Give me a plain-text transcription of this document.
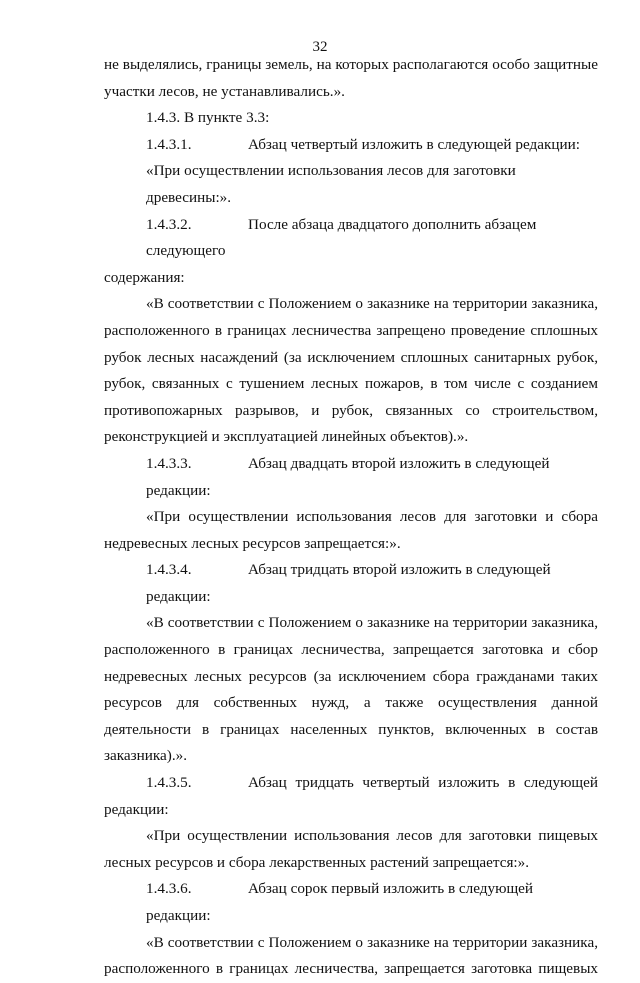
32

не выделялись, границы земель, на которых располагаются особо защитные

участки лесов, не устанавливались.».

1.4.3. В пункте 3.3:

1.4.3.1.	Абзац четвертый изложить в следующей редакции:

«При осуществлении использования лесов для заготовки древесины:».

1.4.3.2.	После абзаца двадцатого дополнить абзацем следующего

содержания:

«В соответствии с Положением о заказнике на территории заказника,

расположенного в границах лесничества запрещено проведение сплошных

рубок лесных насаждений (за исключением сплошных санитарных рубок,

рубок, связанных с тушением лесных пожаров, в том числе с созданием

противопожарных разрывов, и рубок, связанных со строительством,

реконструкцией и эксплуатацией линейных объектов).».

1.4.3.3.	Абзац двадцать второй изложить в следующей редакции:

«При осуществлении использования лесов для заготовки и сбора

недревесных лесных ресурсов запрещается:».

1.4.3.4.	Абзац тридцать второй изложить в следующей редакции:

«В соответствии с Положением о заказнике на территории заказника,

расположенного в границах лесничества, запрещается заготовка и сбор

недревесных лесных ресурсов (за исключением сбора гражданами таких

ресурсов для собственных нужд, а также осуществления данной

деятельности в границах населенных пунктов, включенных в состав

заказника).».

1.4.3.5.	Абзац тридцать четвертый изложить в следующей

редакции:

«При осуществлении использования лесов для заготовки пищевых

лесных ресурсов и сбора лекарственных растений запрещается:».

1.4.3.6.	Абзац сорок первый изложить в следующей редакции:

«В соответствии с Положением о заказнике на территории заказника,

расположенного в границах лесничества, запрещается заготовка пищевых
